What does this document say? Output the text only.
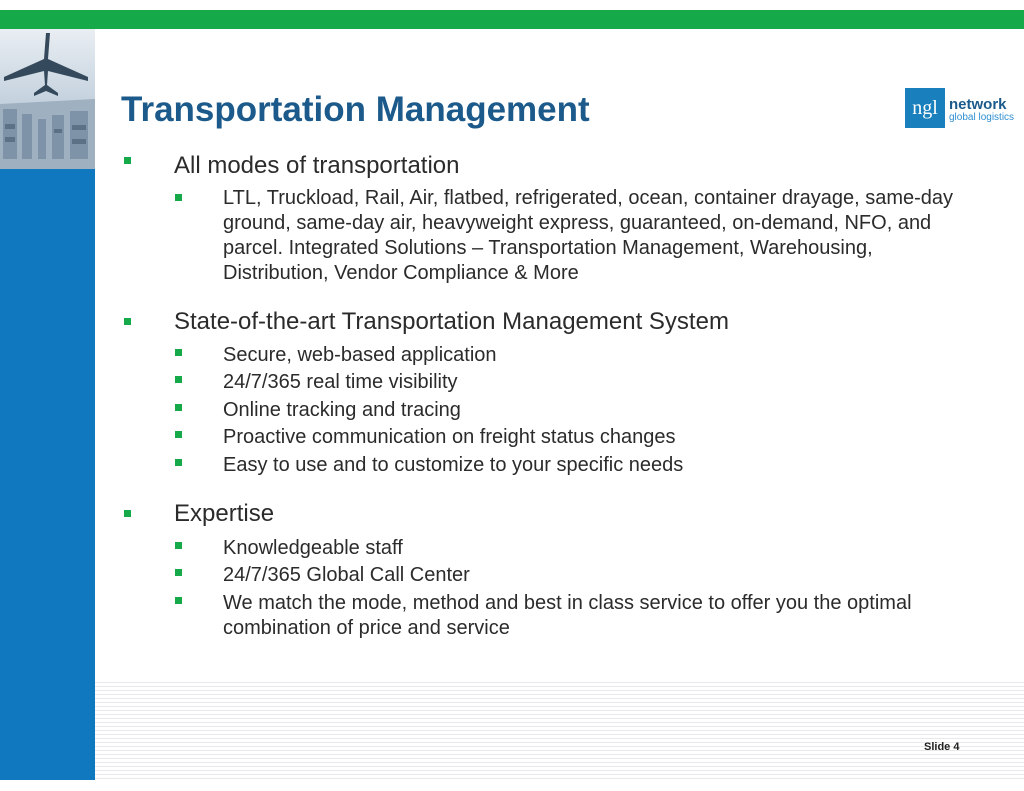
Transportation Management	ngl network
global logistics

All modes of transportation

LTL, Truckload, Rail, Air, flatbed, refrigerated, ocean, container drayage, same-day ground, same-day air, heavyweight express, guaranteed, on-demand, NFO, and parcel. Integrated Solutions – Transportation Management, Warehousing, Distribution, Vendor Compliance & More

State-of-the-art Transportation Management System

Secure, web-based application

24/7/365 real time visibility

Online tracking and tracing

Proactive communication on freight status changes

Easy to use and to customize to your specific needs

Expertise

Knowledgeable staff

24/7/365 Global Call Center

We match the mode, method and best in class service to offer you the optimal combination of price and service

Slide 4
